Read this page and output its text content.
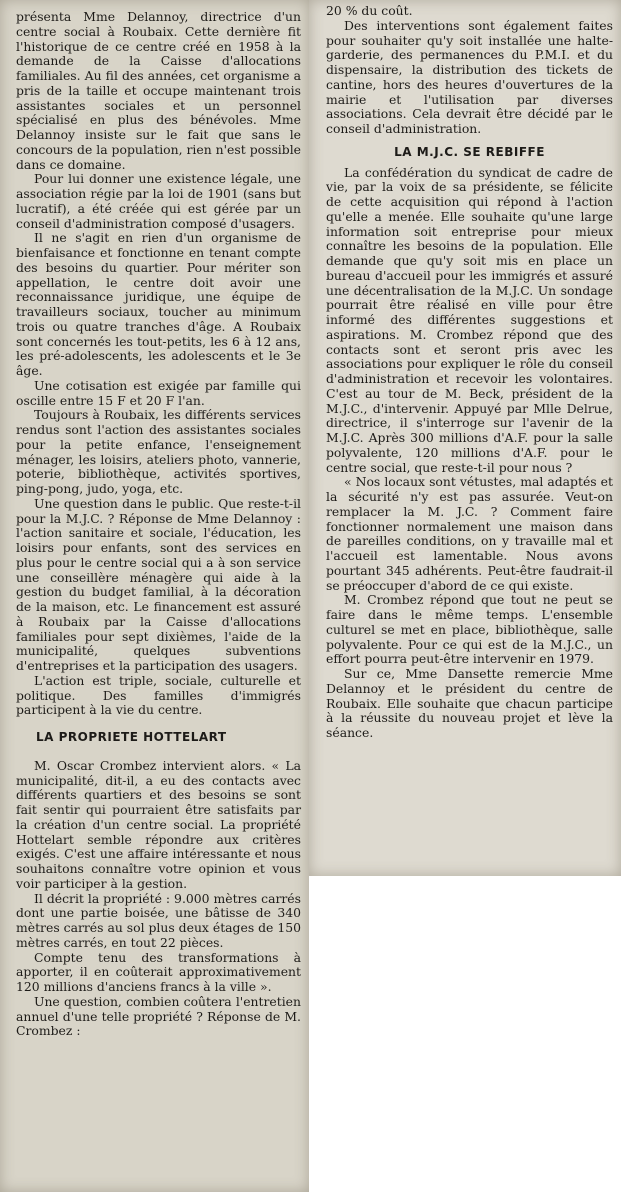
présenta Mme Delannoy, directrice d'un centre social à Roubaix. Cette dernière fit l'historique de ce centre créé en 1958 à la demande de la Caisse d'allocations familiales. Au fil des années, cet organisme a pris de la taille et occupe maintenant trois assistantes sociales et un personnel spécialisé en plus des bénévoles. Mme Delannoy insiste sur le fait que sans le concours de la population, rien n'est possible dans ce domaine.

Pour lui donner une existence légale, une association régie par la loi de 1901 (sans but lucratif), a été créée qui est gérée par un conseil d'administration composé d'usagers.

Il ne s'agit en rien d'un organisme de bienfaisance et fonctionne en tenant compte des besoins du quartier. Pour mériter son appellation, le centre doit avoir une reconnaissance juridique, une équipe de travailleurs sociaux, toucher au minimum trois ou quatre tranches d'âge. A Roubaix sont concernés les tout-petits, les 6 à 12 ans, les pré-adolescents, les adolescents et le 3e âge.

Une cotisation est exigée par famille qui oscille entre 15 F et 20 F l'an.

Toujours à Roubaix, les différents services rendus sont l'action des assistantes sociales pour la petite enfance, l'enseignement ménager, les loisirs, ateliers photo, vannerie, poterie, bibliothèque, activités sportives, ping-pong, judo, yoga, etc.

Une question dans le public. Que reste-t-il pour la M.J.C. ? Réponse de Mme Delannoy : l'action sanitaire et sociale, l'éducation, les loisirs pour enfants, sont des services en plus pour le centre social qui a à son service une conseillère ménagère qui aide à la gestion du budget familial, à la décoration de la maison, etc. Le financement est assuré à Roubaix par la Caisse d'allocations familiales pour sept dixièmes, l'aide de la municipalité, quelques subventions d'entreprises et la participation des usagers.

L'action est triple, sociale, culturelle et politique. Des familles d'immigrés participent à la vie du centre.

LA PROPRIETE HOTTELART

M. Oscar Crombez intervient alors. « La municipalité, dit-il, a eu des contacts avec différents quartiers et des besoins se sont fait sentir qui pourraient être satisfaits par la création d'un centre social. La propriété Hottelart semble répondre aux critères exigés. C'est une affaire intéressante et nous souhaitons connaître votre opinion et vous voir participer à la gestion.

Il décrit la propriété : 9.000 mètres carrés dont une partie boisée, une bâtisse de 340 mètres carrés au sol plus deux étages de 150 mètres carrés, en tout 22 pièces.

Compte tenu des transformations à apporter, il en coûterait approximativement 120 millions d'anciens francs à la ville ».

Une question, combien coûtera l'entretien annuel d'une telle propriété ? Réponse de M. Crombez :

20 % du coût.

Des interventions sont également faites pour souhaiter qu'y soit installée une halte-garderie, des permanences du P.M.I. et du dispensaire, la distribution des tickets de cantine, hors des heures d'ouvertures de la mairie et l'utilisation par diverses associations. Cela devrait être décidé par le conseil d'administration.

LA M.J.C. SE REBIFFE

La confédération du syndicat de cadre de vie, par la voix de sa présidente, se félicite de cette acquisition qui répond à l'action qu'elle a menée. Elle souhaite qu'une large information soit entreprise pour mieux connaître les besoins de la population. Elle demande que qu'y soit mis en place un bureau d'accueil pour les immigrés et assuré une décentralisation de la M.J.C. Un sondage pourrait être réalisé en ville pour être informé des différentes suggestions et aspirations. M. Crombez répond que des contacts sont et seront pris avec les associations pour expliquer le rôle du conseil d'administration et recevoir les volontaires. C'est au tour de M. Beck, président de la M.J.C., d'intervenir. Appuyé par Mlle Delrue, directrice, il s'interroge sur l'avenir de la M.J.C. Après 300 millions d'A.F. pour la salle polyvalente, 120 millions d'A.F. pour le centre social, que reste-t-il pour nous ?

« Nos locaux sont vétustes, mal adaptés et la sécurité n'y est pas assurée. Veut-on remplacer la M. J.C. ? Comment faire fonctionner normalement une maison dans de pareilles conditions, on y travaille mal et l'accueil est lamentable. Nous avons pourtant 345 adhérents. Peut-être faudrait-il se préoccuper d'abord de ce qui existe.

M. Crombez répond que tout ne peut se faire dans le même temps. L'ensemble culturel se met en place, bibliothèque, salle polyvalente. Pour ce qui est de la M.J.C., un effort pourra peut-être intervenir en 1979.

Sur ce, Mme Dansette remercie Mme Delannoy et le président du centre de Roubaix. Elle souhaite que chacun participe à la réussite du nouveau projet et lève la séance.
